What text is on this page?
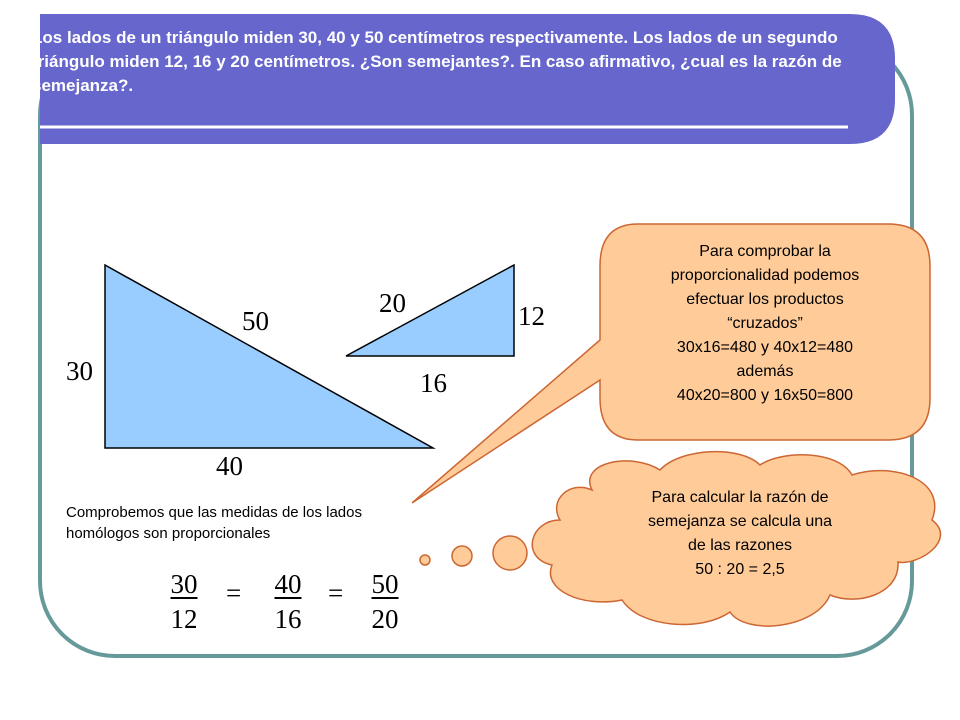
Los lados de un triángulo miden 30, 40 y 50 centímetros respectivamente. Los lados de un segundo triángulo miden 12, 16 y 20 centímetros. ¿Son semejantes?. En caso afirmativo, ¿cual es la razón de semejanza?.
30
40
50	12
16
20
Comprobemos que las medidas de los lados homólogos son proporcionales
Para comprobar la
proporcionalidad podemos
efectuar los productos
“cruzados”
30x16=480 y 40x12=480
además
40x20=800 y 16x50=800
Para calcular la razón de
semejanza se calcula una
de las razones
50 : 20 = 2,5
$\frac{30}{12} = \frac{40}{16} = \frac{50}{20}$
